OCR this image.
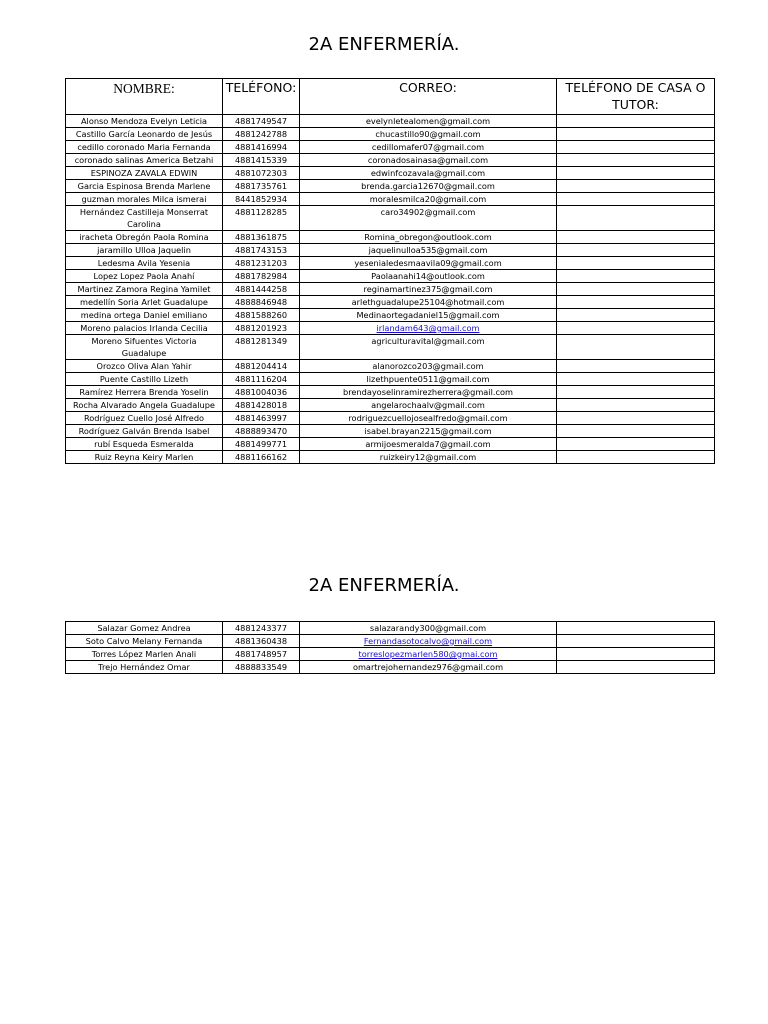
2A ENFERMERÍA.
NOMBRE:	TELÉFONO:	CORREO:	TELÉFONO DE CASA O TUTOR:
Alonso Mendoza Evelyn Leticia	4881749547	evelynletealomen@gmail.com	
Castillo García Leonardo de Jesús	4881242788	chucastillo90@gmail.com	
cedillo coronado Maria Fernanda	4881416994	cedillomafer07@gmail.com	
coronado salinas America Betzahi	4881415339	coronadosainasa@gmail.com	
ESPINOZA ZAVALA EDWIN	4881072303	edwinfcozavala@gmail.com	
Garcia Espinosa Brenda Marlene	4881735761	brenda.garcia12670@gmail.com	
guzman morales Milca ismerai	8441852934	moralesmilca20@gmail.com	
Hernández Castilleja Monserrat Carolina	4881128285	caro34902@gmail.com	
iracheta Obregón Paola Romina	4881361875	Romina_obregon@outlook.com	
jaramillo Ulloa Jaquelin	4881743153	jaquelinulloa535@gmail.com	
Ledesma Avila Yesenia	4881231203	yesenialedesmaavila09@gmail.com	
Lopez Lopez Paola Anahí	4881782984	Paolaanahi14@outlook.com	
Martinez Zamora Regina Yamilet	4881444258	reginamartinez375@gmail.com	
medellín Soria Arlet Guadalupe	4888846948	arlethguadalupe25104@hotmail.com	
medina ortega Daniel emiliano	4881588260	Medinaortegadaniel15@gmail.com	
Moreno palacios Irlanda Cecilia	4881201923	irlandam643@gmail.com	
Moreno Sifuentes Victoria Guadalupe	4881281349	agriculturavital@gmail.com	
Orozco Oliva Alan Yahir	4881204414	alanorozco203@gmail.com	
Puente Castillo Lizeth	4881116204	lizethpuente0511@gmail.com	
Ramírez Herrera Brenda Yoselin	4881004036	brendayoselinramirezherrera@gmail.com	
Rocha Alvarado Angela Guadalupe	4881428018	angelarochaalv@gmail.com	
Rodríguez Cuello José Alfredo	4881463997	rodriguezcuellojosealfredo@gmail.com	
Rodríguez Galván Brenda Isabel	4888893470	isabel.brayan2215@gmail.com	
rubí Esqueda Esmeralda	4881499771	armijoesmeralda7@gmail.com	
Ruiz Reyna Keiry Marlen	4881166162	ruizkeiry12@gmail.com	
2A ENFERMERÍA.
Salazar Gomez Andrea	4881243377	salazarandy300@gmail.com	
Soto Calvo Melany Fernanda	4881360438	Fernandasotocalvo@gmail.com	
Torres López Marlen Anali	4881748957	torreslopezmarlen580@gmai.com	
Trejo Hernández Omar	4888833549	omartrejohernandez976@gmail.com	
